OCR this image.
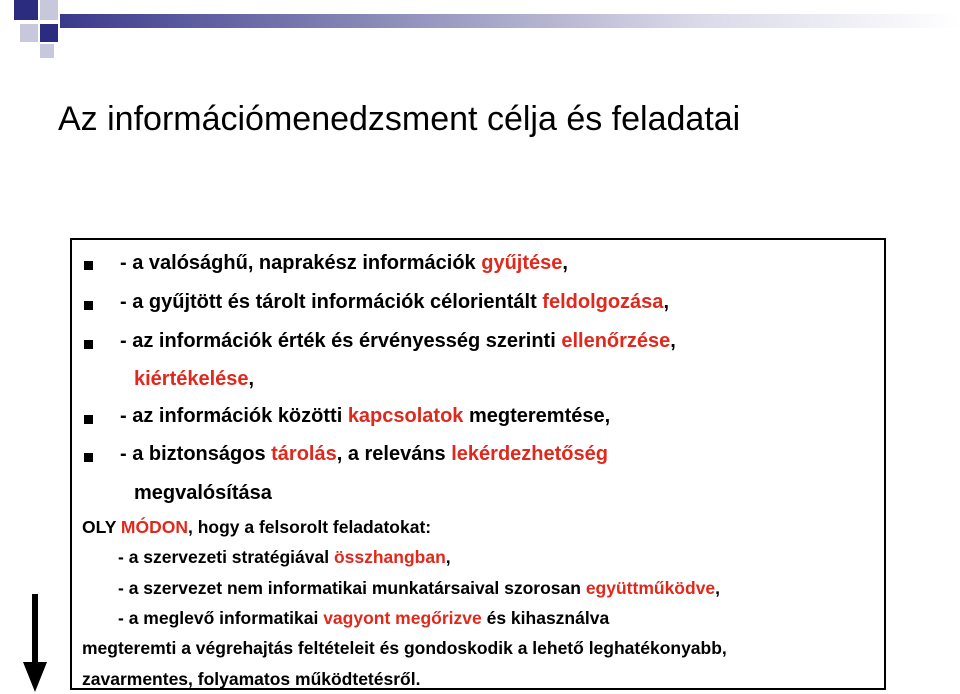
Az információmenedzsment célja és feladatai
- a valósághű, naprakész információk gyűjtése,
- a gyűjtött és tárolt információk célorientált feldolgozása,
- az információk érték és érvényesség szerinti ellenőrzése,
kiértékelése,
- az információk közötti kapcsolatok megteremtése,
- a biztonságos tárolás, a releváns lekérdezhetőség
megvalósítása
OLY MÓDON, hogy a felsorolt feladatokat:
- a szervezeti stratégiával összhangban,
- a szervezet nem informatikai munkatársaival szorosan együttműködve,
- a meglevő informatikai vagyont megőrizve és kihasználva
megteremti a végrehajtás feltételeit és gondoskodik a lehető leghatékonyabb,
zavarmentes, folyamatos működtetésről.
